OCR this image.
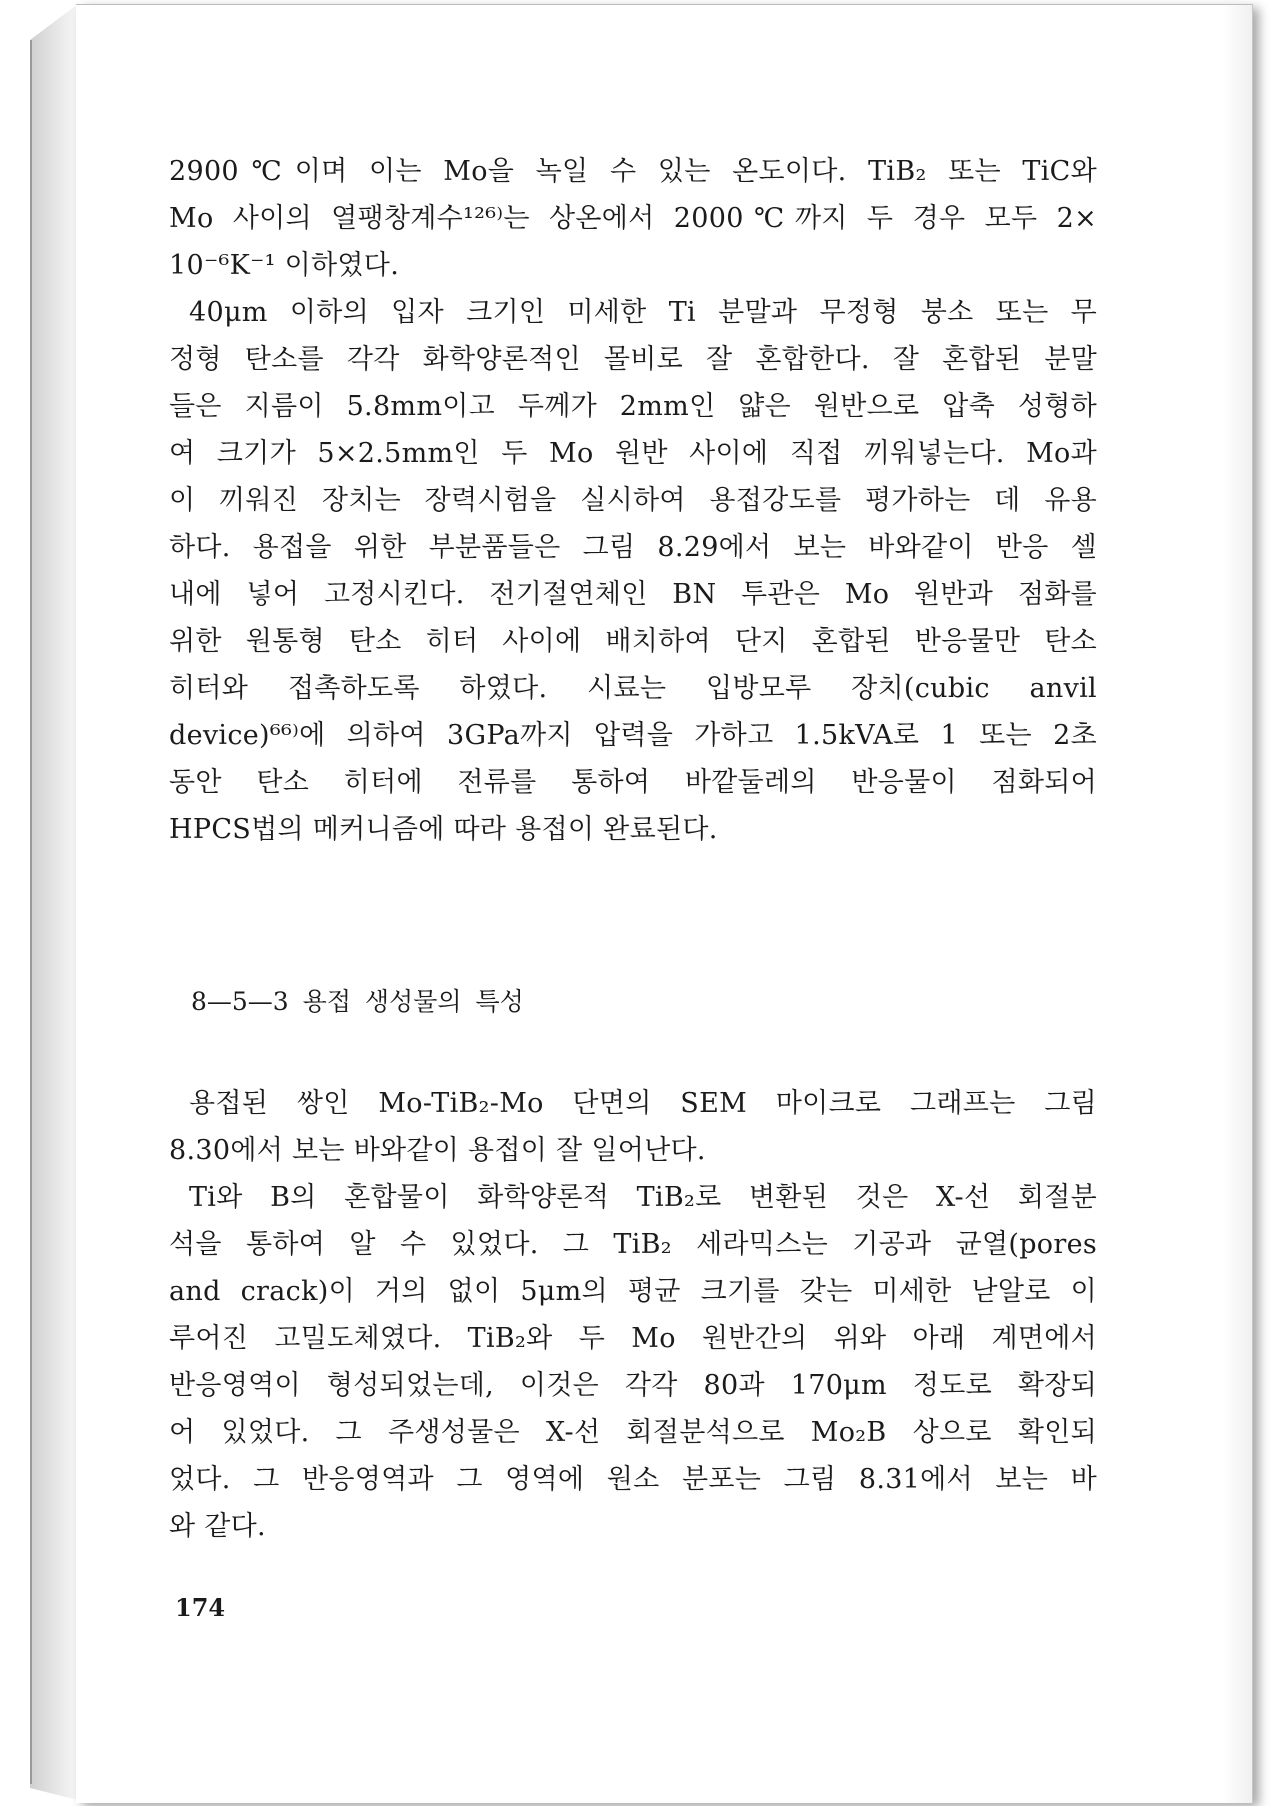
2900℃이며 이는 Mo을 녹일 수 있는 온도이다. TiB₂ 또는 TiC와
Mo 사이의 열팽창계수¹²⁶⁾는 상온에서 2000℃까지 두 경우 모두 2×
10⁻⁶K⁻¹ 이하였다.
40μm 이하의 입자 크기인 미세한 Ti 분말과 무정형 붕소 또는 무
정형 탄소를 각각 화학양론적인 몰비로 잘 혼합한다. 잘 혼합된 분말
들은 지름이 5.8mm이고 두께가 2mm인 얇은 원반으로 압축 성형하
여 크기가 5×2.5mm인 두 Mo 원반 사이에 직접 끼워넣는다. Mo과
이 끼워진 장치는 장력시험을 실시하여 용접강도를 평가하는 데 유용
하다. 용접을 위한 부분품들은 그림 8.29에서 보는 바와같이 반응 셀
내에 넣어 고정시킨다. 전기절연체인 BN 투관은 Mo 원반과 점화를
위한 원통형 탄소 히터 사이에 배치하여 단지 혼합된 반응물만 탄소
히터와 접촉하도록 하였다. 시료는 입방모루 장치(cubic anvil
device)⁶⁶⁾에 의하여 3GPa까지 압력을 가하고 1.5kVA로 1 또는 2초
동안 탄소 히터에 전류를 통하여 바깥둘레의 반응물이 점화되어
HPCS법의 메커니즘에 따라 용접이 완료된다.
8—5—3 용접 생성물의 특성
용접된 쌍인 Mo-TiB₂-Mo 단면의 SEM 마이크로 그래프는 그림
8.30에서 보는 바와같이 용접이 잘 일어난다.
Ti와 B의 혼합물이 화학양론적 TiB₂로 변환된 것은 X-선 회절분
석을 통하여 알 수 있었다. 그 TiB₂ 세라믹스는 기공과 균열(pores
and crack)이 거의 없이 5μm의 평균 크기를 갖는 미세한 낟알로 이
루어진 고밀도체였다. TiB₂와 두 Mo 원반간의 위와 아래 계면에서
반응영역이 형성되었는데, 이것은 각각 80과 170μm 정도로 확장되
어 있었다. 그 주생성물은 X-선 회절분석으로 Mo₂B 상으로 확인되
었다. 그 반응영역과 그 영역에 원소 분포는 그림 8.31에서 보는 바
와 같다.
174
